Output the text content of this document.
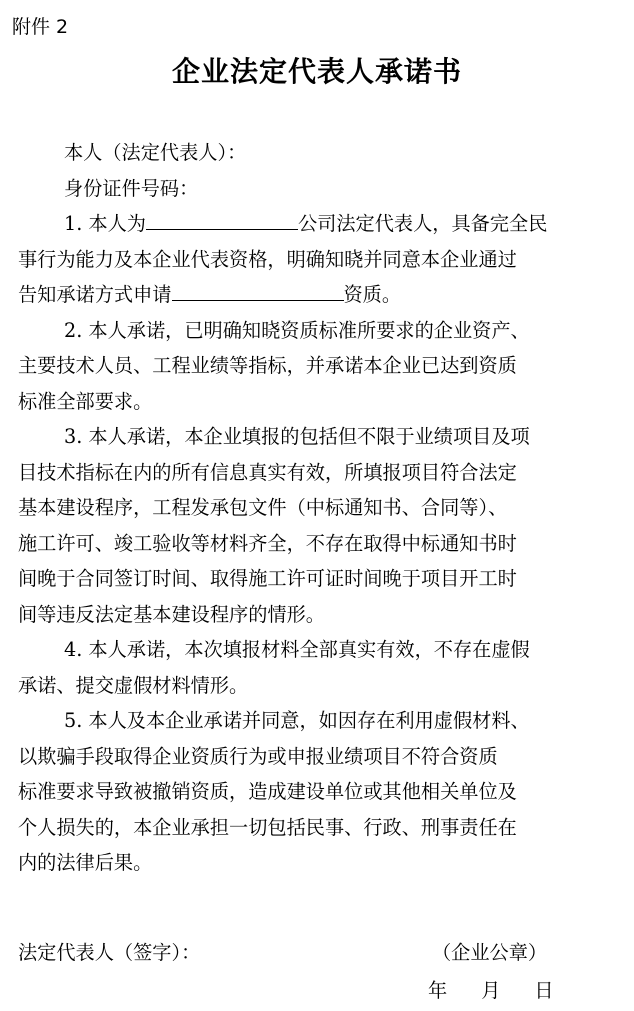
附件 2
企业法定代表人承诺书
本人（法定代表人）：
身份证件号码：
1. 本人为	公司法定代表人，具备完全民
事行为能力及本企业代表资格，明确知晓并同意本企业通过
告知承诺方式申请	资质。
2. 本人承诺，已明确知晓资质标准所要求的企业资产、
主要技术人员、工程业绩等指标，并承诺本企业已达到资质
标准全部要求。
3. 本人承诺，本企业填报的包括但不限于业绩项目及项
目技术指标在内的所有信息真实有效，所填报项目符合法定
基本建设程序，工程发承包文件（中标通知书、合同等）、
施工许可、竣工验收等材料齐全，不存在取得中标通知书时
间晚于合同签订时间、取得施工许可证时间晚于项目开工时
间等违反法定基本建设程序的情形。
4. 本人承诺，本次填报材料全部真实有效，不存在虚假
承诺、提交虚假材料情形。
5. 本人及本企业承诺并同意，如因存在利用虚假材料、
以欺骗手段取得企业资质行为或申报业绩项目不符合资质
标准要求导致被撤销资质，造成建设单位或其他相关单位及
个人损失的，本企业承担一切包括民事、行政、刑事责任在
内的法律后果。
法定代表人（签字）：	（企业公章）
年 月 日
